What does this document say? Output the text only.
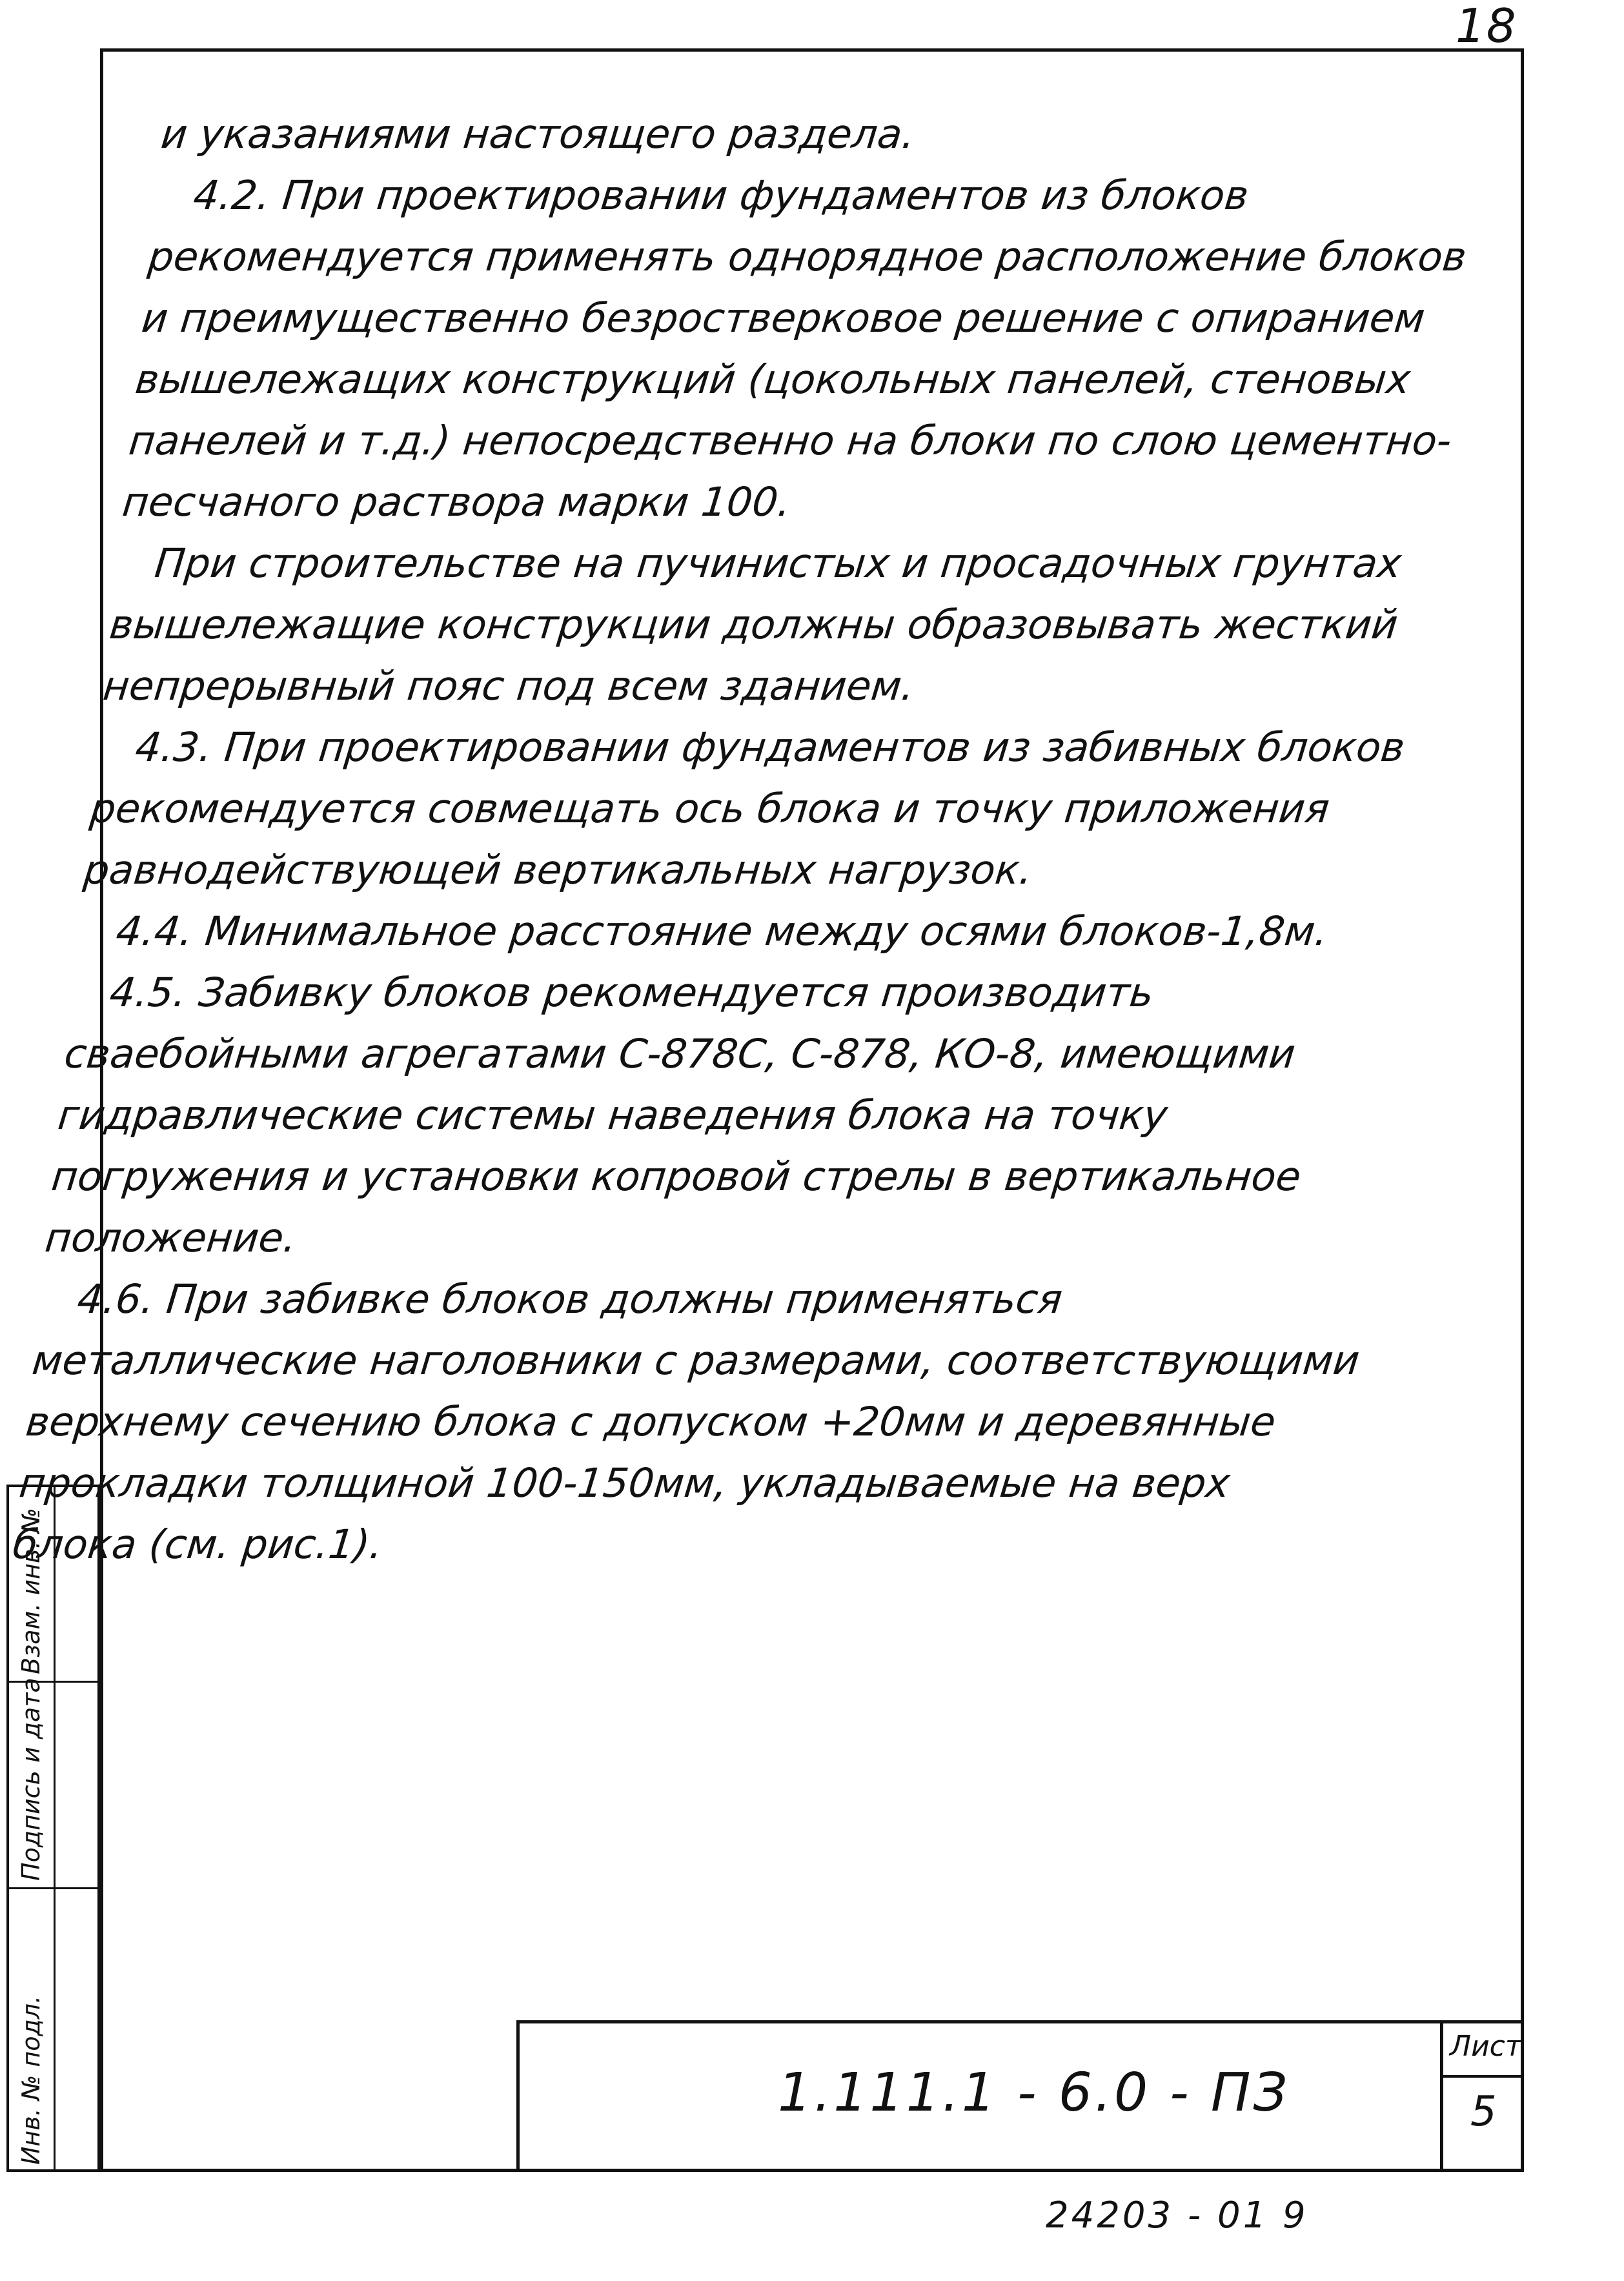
18

и указаниями настоящего раздела.

4.2. При проектировании фундаментов из блоков рекомендуется применять однорядное расположение блоков и преимущественно безростверковое решение с опиранием вышележащих конструкций (цокольных панелей, стеновых панелей и т.д.) непосредственно на блоки по слою цементно-песчаного раствора марки 100.

При строительстве на пучинистых и просадочных грунтах вышележащие конструкции должны образовывать жесткий непрерывный пояс под всем зданием.

4.3. При проектировании фундаментов из забивных блоков рекомендуется совмещать ось блока и точку приложения равнодействующей вертикальных нагрузок.

4.4. Минимальное расстояние между осями блоков-1,8м.

4.5. Забивку блоков рекомендуется производить сваебойными агрегатами С-878С, С-878, КО-8, имеющими гидравлические системы наведения блока на точку погружения и установки копровой стрелы в вертикальное положение.

4.6. При забивке блоков должны применяться металлические наголовники с размерами, соответствующими верхнему сечению блока с допуском +20мм и деревянные прокладки толщиной 100-150мм, укладываемые на верх блока (см. рис.1).

Инв. № подл.
Подпись и дата
Взам. инв. №
1.111.1 - 6.0 - ПЗ
Лист
5
24203 - 01 9
